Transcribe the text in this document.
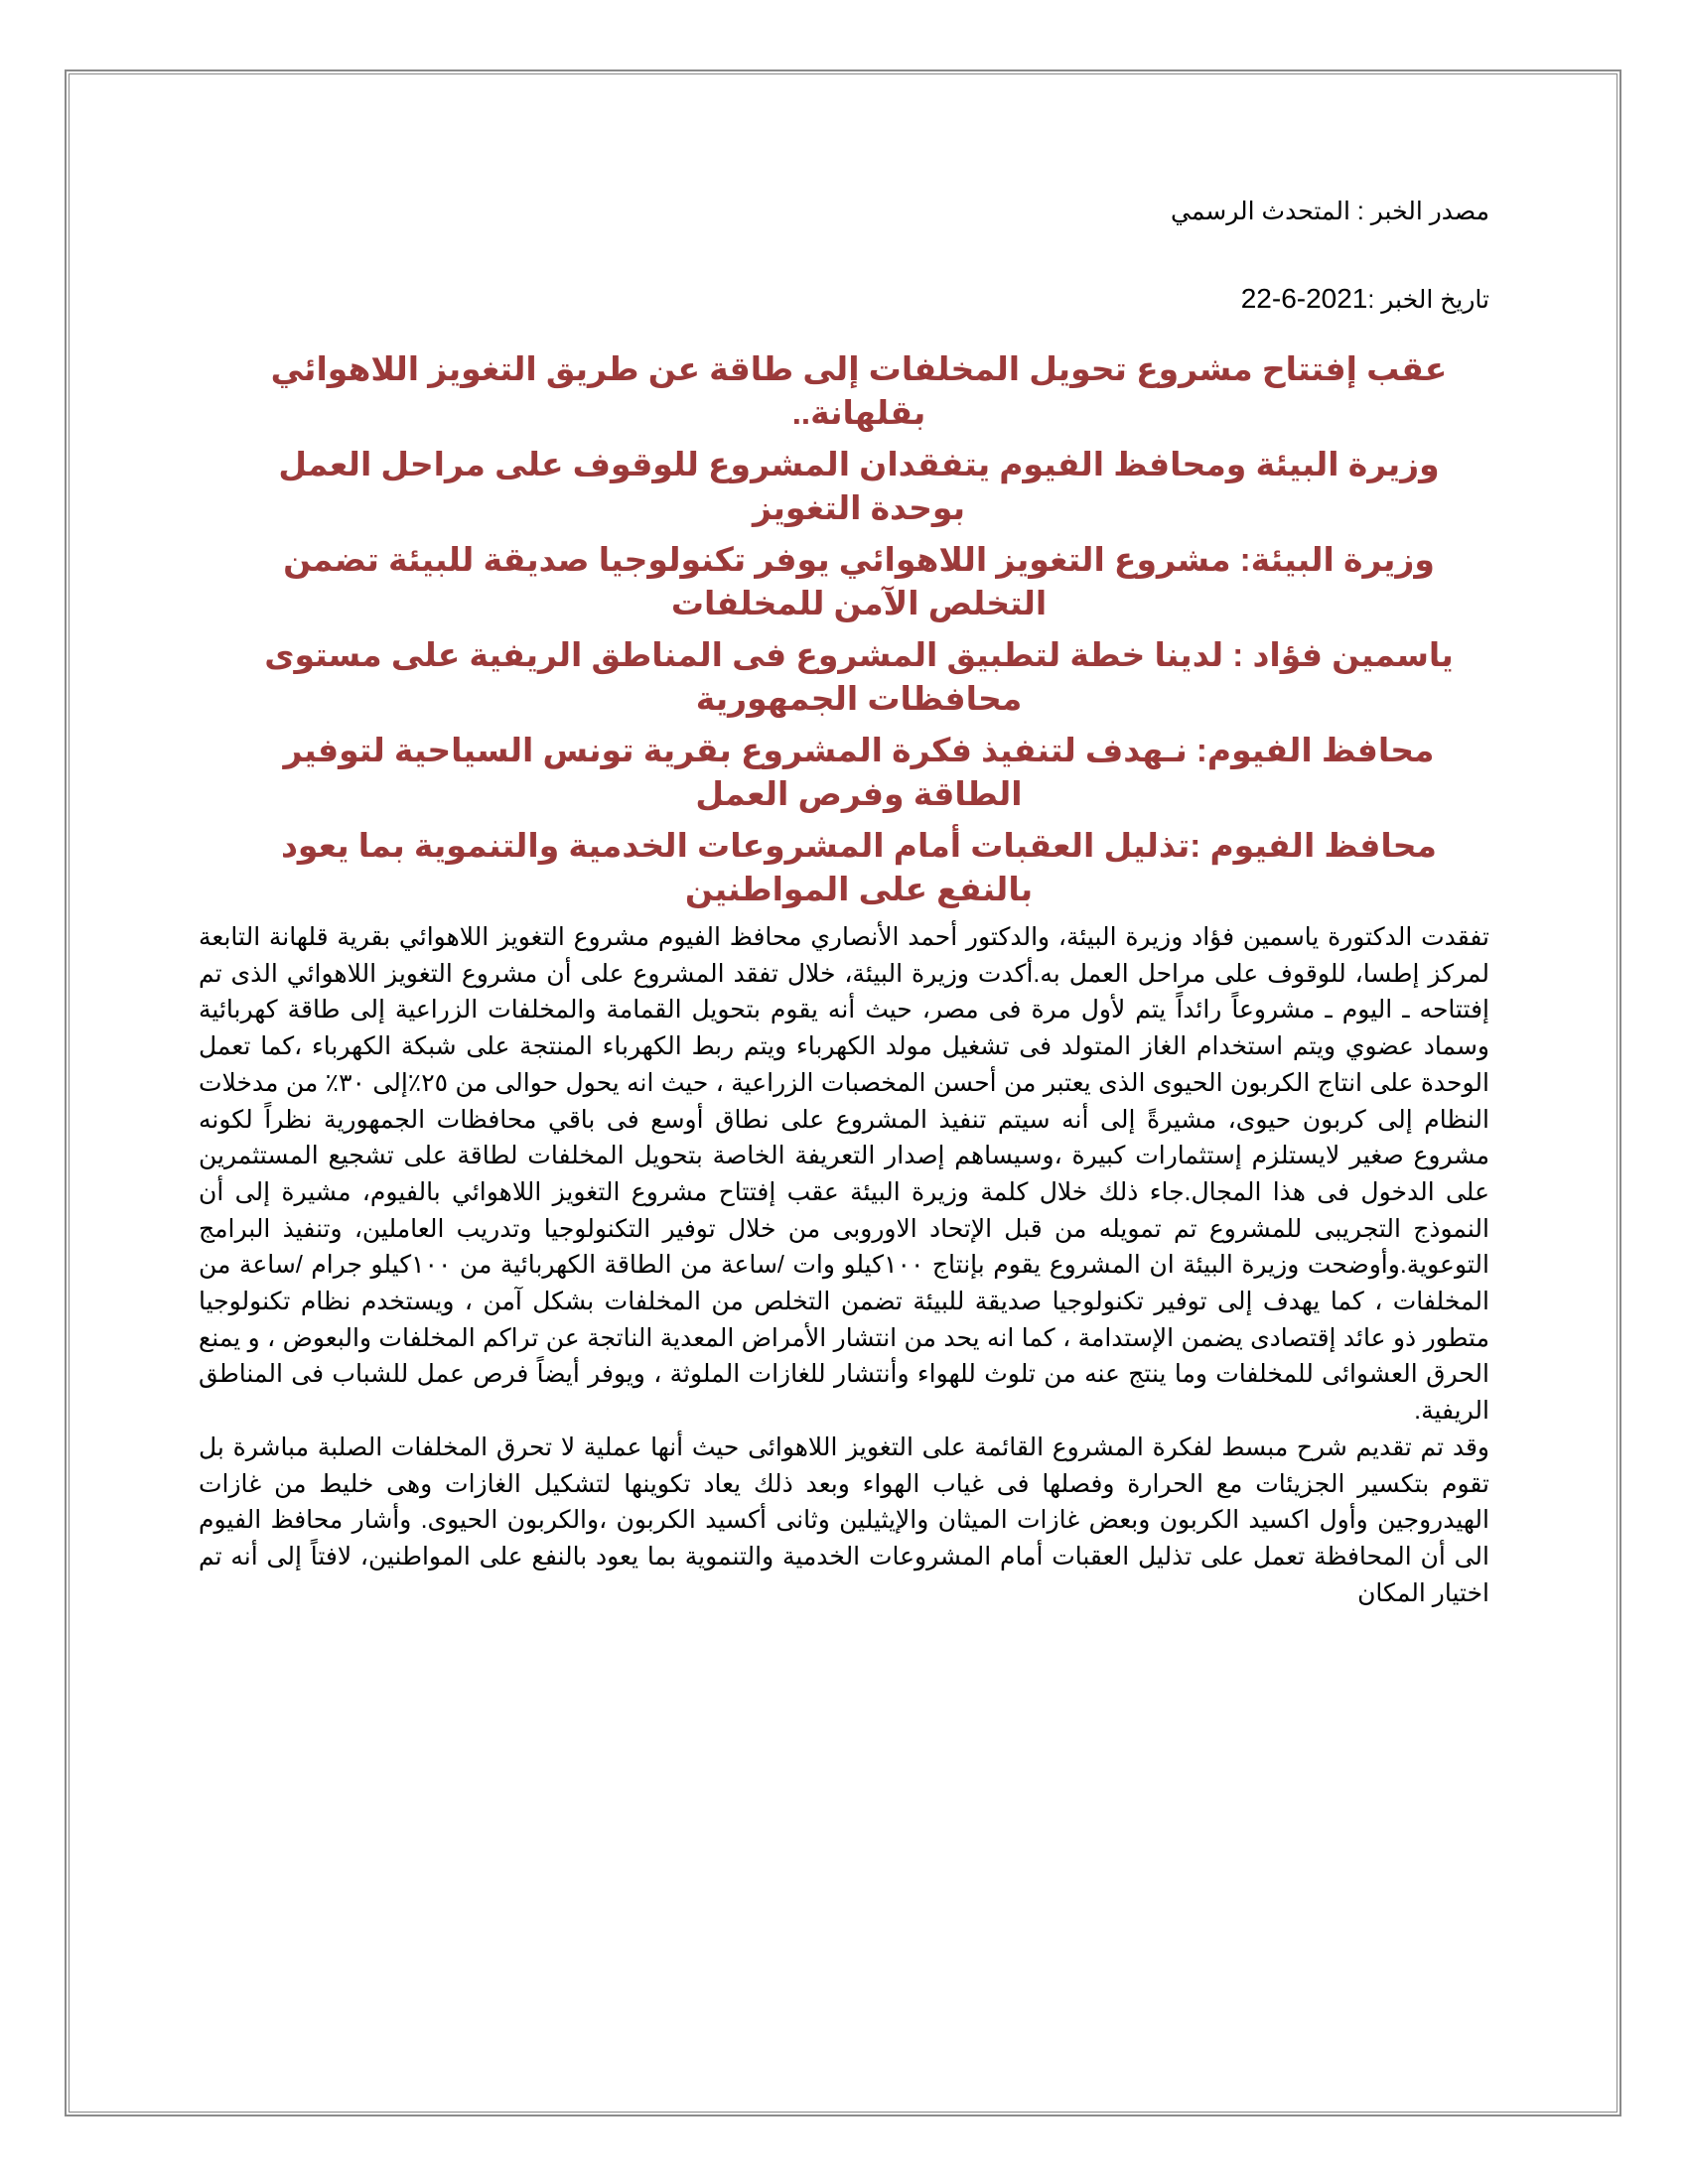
مصدر الخبر : المتحدث الرسمي

تاريخ الخبر :22-6-2021

عقب إفتتاح مشروع تحويل المخلفات إلى طاقة عن طريق التغويز اللاهوائي بقلهانة..
وزيرة البيئة ومحافظ الفيوم يتفقدان المشروع للوقوف على مراحل العمل بوحدة التغويز
وزيرة البيئة: مشروع التغويز اللاهوائي يوفر تكنولوجيا صديقة للبيئة تضمن التخلص الآمن للمخلفات
ياسمين فؤاد : لدينا خطة لتطبيق المشروع فى المناطق الريفية على مستوى محافظات الجمهورية
محافظ الفيوم: نـهدف لتنفيذ فكرة المشروع بقرية تونس السياحية لتوفير الطاقة وفرص العمل
محافظ الفيوم :تذليل العقبات أمام المشروعات الخدمية والتنموية بما يعود بالنفع على المواطنين

تفقدت الدكتورة ياسمين فؤاد وزيرة البيئة، والدكتور أحمد الأنصاري محافظ الفيوم مشروع التغويز اللاهوائي بقرية قلهانة التابعة لمركز إطسا، للوقوف على مراحل العمل به.أكدت وزيرة البيئة، خلال تفقد المشروع على أن مشروع التغويز اللاهوائي الذى تم إفتتاحه ـ اليوم ـ مشروعاً رائداً يتم لأول مرة فى مصر، حيث أنه يقوم بتحويل القمامة والمخلفات الزراعية إلى طاقة كهربائية وسماد عضوي ويتم استخدام الغاز المتولد فى تشغيل مولد الكهرباء ويتم ربط الكهرباء المنتجة على شبكة الكهرباء ،كما تعمل الوحدة على انتاج الكربون الحيوى الذى يعتبر من أحسن المخصبات الزراعية ، حيث انه يحول حوالى من ٢٥٪إلى ٣٠٪ من مدخلات النظام إلى كربون حيوى، مشيرةً إلى أنه سيتم تنفيذ المشروع على نطاق أوسع فى باقي محافظات الجمهورية نظراً لكونه مشروع صغير لايستلزم إستثمارات كبيرة ،وسيساهم إصدار التعريفة الخاصة بتحويل المخلفات لطاقة على تشجيع المستثمرين على الدخول فى هذا المجال.جاء ذلك خلال كلمة وزيرة البيئة عقب إفتتاح مشروع التغويز اللاهوائي بالفيوم، مشيرة إلى أن النموذج التجريبى للمشروع تم تمويله من قبل الإتحاد الاوروبى من خلال توفير التكنولوجيا وتدريب العاملين، وتنفيذ البرامج التوعوية.وأوضحت وزيرة البيئة ان المشروع يقوم بإنتاج ١٠٠كيلو وات /ساعة من الطاقة الكهربائية من ١٠٠كيلو جرام /ساعة من المخلفات ، كما يهدف إلى توفير تكنولوجيا صديقة للبيئة تضمن التخلص من المخلفات بشكل آمن ، ويستخدم نظام تكنولوجيا متطور ذو عائد إقتصادى يضمن الإستدامة ، كما انه يحد من انتشار الأمراض المعدية الناتجة عن تراكم المخلفات والبعوض ، و يمنع الحرق العشوائى للمخلفات وما ينتج عنه من تلوث للهواء وأنتشار للغازات الملوثة ، ويوفر أيضاً فرص عمل للشباب فى المناطق الريفية.

وقد تم تقديم شرح مبسط لفكرة المشروع القائمة على التغويز اللاهوائى حيث أنها عملية لا تحرق المخلفات الصلبة مباشرة بل تقوم بتكسير الجزيئات مع الحرارة وفصلها فى غياب الهواء وبعد ذلك يعاد تكوينها لتشكيل الغازات وهى خليط من غازات الهيدروجين وأول اكسيد الكربون وبعض غازات الميثان والإيثيلين وثانى أكسيد الكربون ،والكربون الحيوى. وأشار محافظ الفيوم الى أن المحافظة تعمل على تذليل العقبات أمام المشروعات الخدمية والتنموية بما يعود بالنفع على المواطنين، لافتاً إلى أنه تم اختيار المكان
